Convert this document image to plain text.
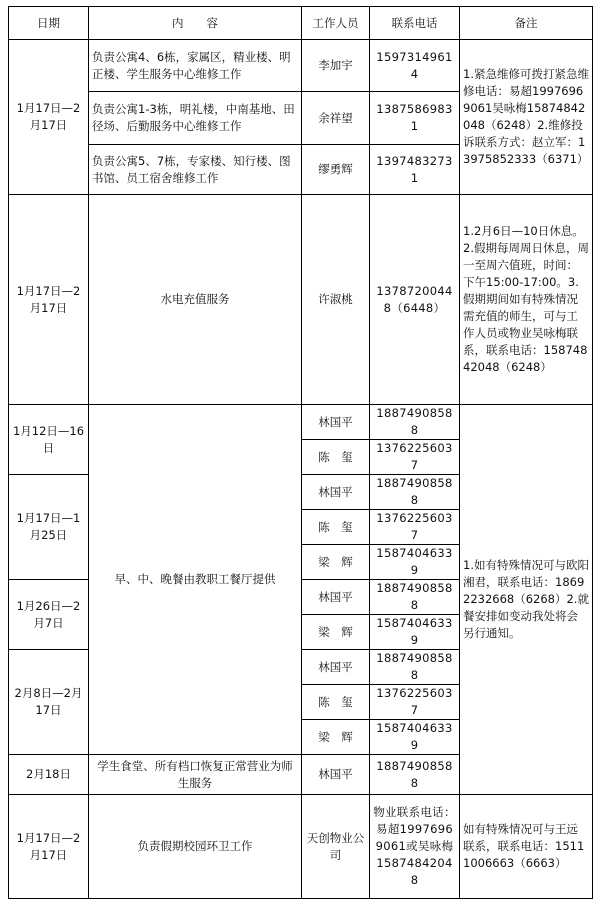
日期	内　　容	工作人员	联系电话	备注
1月17日—2月17日	负责公寓4、6栋，家属区，精业楼、明正楼、学生服务中心维修工作	李加宇	15973149614	1.紧急维修可拨打紧急维修电话：易超19976969061吴咏梅15874842048（6248）2.维修投诉联系方式：赵立军：13975852333（6371）
	负责公寓1-3栋，明礼楼，中南基地、田径场、后勤服务中心维修工作	余祥望	13875869831	
	负责公寓5、7栋，专家楼、知行楼、图书馆、员工宿舍维修工作	缪勇辉	13974832731	
1月17日—2月17日	水电充值服务	许淑桃	13787200448（6448）	1.2月6日—10日休息。2.假期每周周日休息，周一至周六值班，时间：下午15:00-17:00。3.假期期间如有特殊情况需充值的师生，可与工作人员或物业吴咏梅联系，联系电话：15874842048（6248）
1月12日—16日	早、中、晚餐由教职工餐厅提供	林国平	18874908588	1.如有特殊情况可与欧阳湘君，联系电话：18692232668（6268）2.就餐安排如变动我处将会另行通知。
		陈　玺	13762256037	
1月17日—1月25日		林国平	18874908588	
		陈　玺	13762256037	
		梁　辉	15874046339	
1月26日—2月7日		林国平	18874908588	
		梁　辉	15874046339	
2月8日—2月17日		林国平	18874908588	
		陈　玺	13762256037	
		梁　辉	15874046339	
2月18日	学生食堂、所有档口恢复正常营业为师生服务	林国平	18874908588	
1月17日—2月17日	负责假期校园环卫工作	天创物业公司	物业联系电话：易超19976969061或吴咏梅15874842048	如有特殊情况可与王远联系，联系电话：15111006663（6663）
